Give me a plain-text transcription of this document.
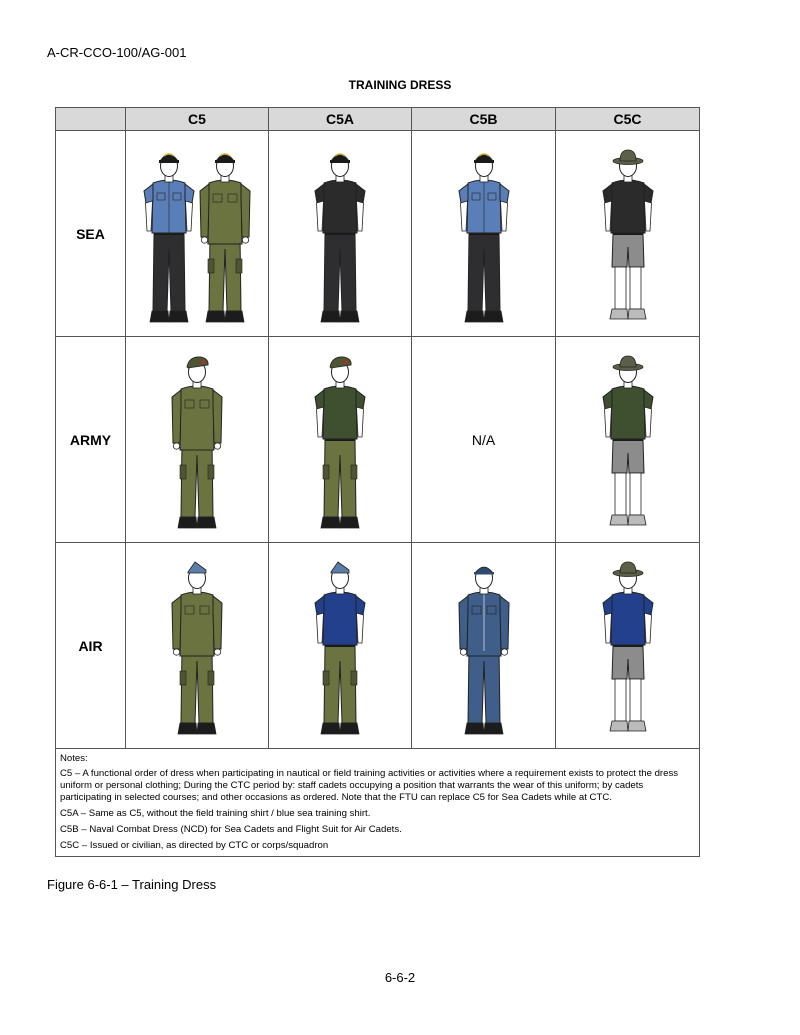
A-CR-CCO-100/AG-001
TRAINING DRESS
	C5	C5A	C5B	C5C
SEA				
ARMY			N/A	
AIR				

Notes:

C5 – A functional order of dress when participating in nautical or field training activities or activities where a requirement exists to protect the dress uniform or personal clothing; During the CTC period by: staff cadets occupying a position that warrants the wear of this uniform; by cadets participating in selected courses; and other occasions as ordered. Note that the FTU can replace C5 for Sea Cadets while at CTC.

C5A – Same as C5, without the field training shirt / blue sea training shirt.

C5B – Naval Combat Dress (NCD) for Sea Cadets and Flight Suit for Air Cadets.

C5C – Issued or civilian, as directed by CTC or corps/squadron				

Figure 6-6-1 – Training Dress
6-6-2
